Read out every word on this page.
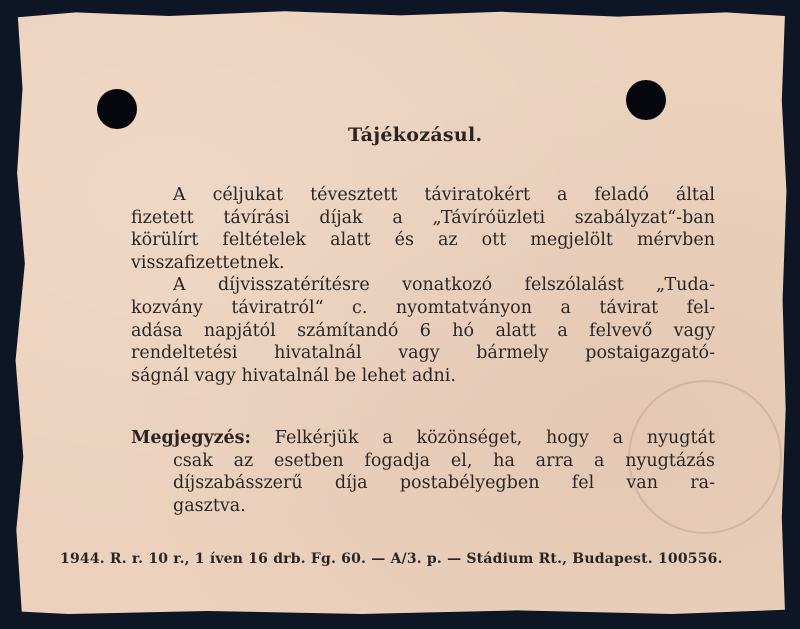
Tájékozásul.
A céljukat tévesztett táviratokért a feladó által
fizetett távírási díjak a „Távíróüzleti szabályzat“-ban
körülírt feltételek alatt és az ott megjelölt mérvben
visszafizettetnek.
A díjvisszatérítésre vonatkozó felszólalást „Tuda-
kozvány táviratról“ c. nyomtatványon a távirat fel-
adása napjától számítandó 6 hó alatt a felvevő vagy
rendeltetési hivatalnál vagy bármely postaigazgató-
ságnál vagy hivatalnál be lehet adni.
Megjegyzés: Felkérjük a közönséget, hogy a nyugtát
csak az esetben fogadja el, ha arra a nyugtázás
díjszabásszerű díja postabélyegben fel van ra-
gasztva.
1944. R. r. 10 r., 1 íven 16 drb. Fg. 60. — A/3. p. — Stádium Rt., Budapest. 100556.
